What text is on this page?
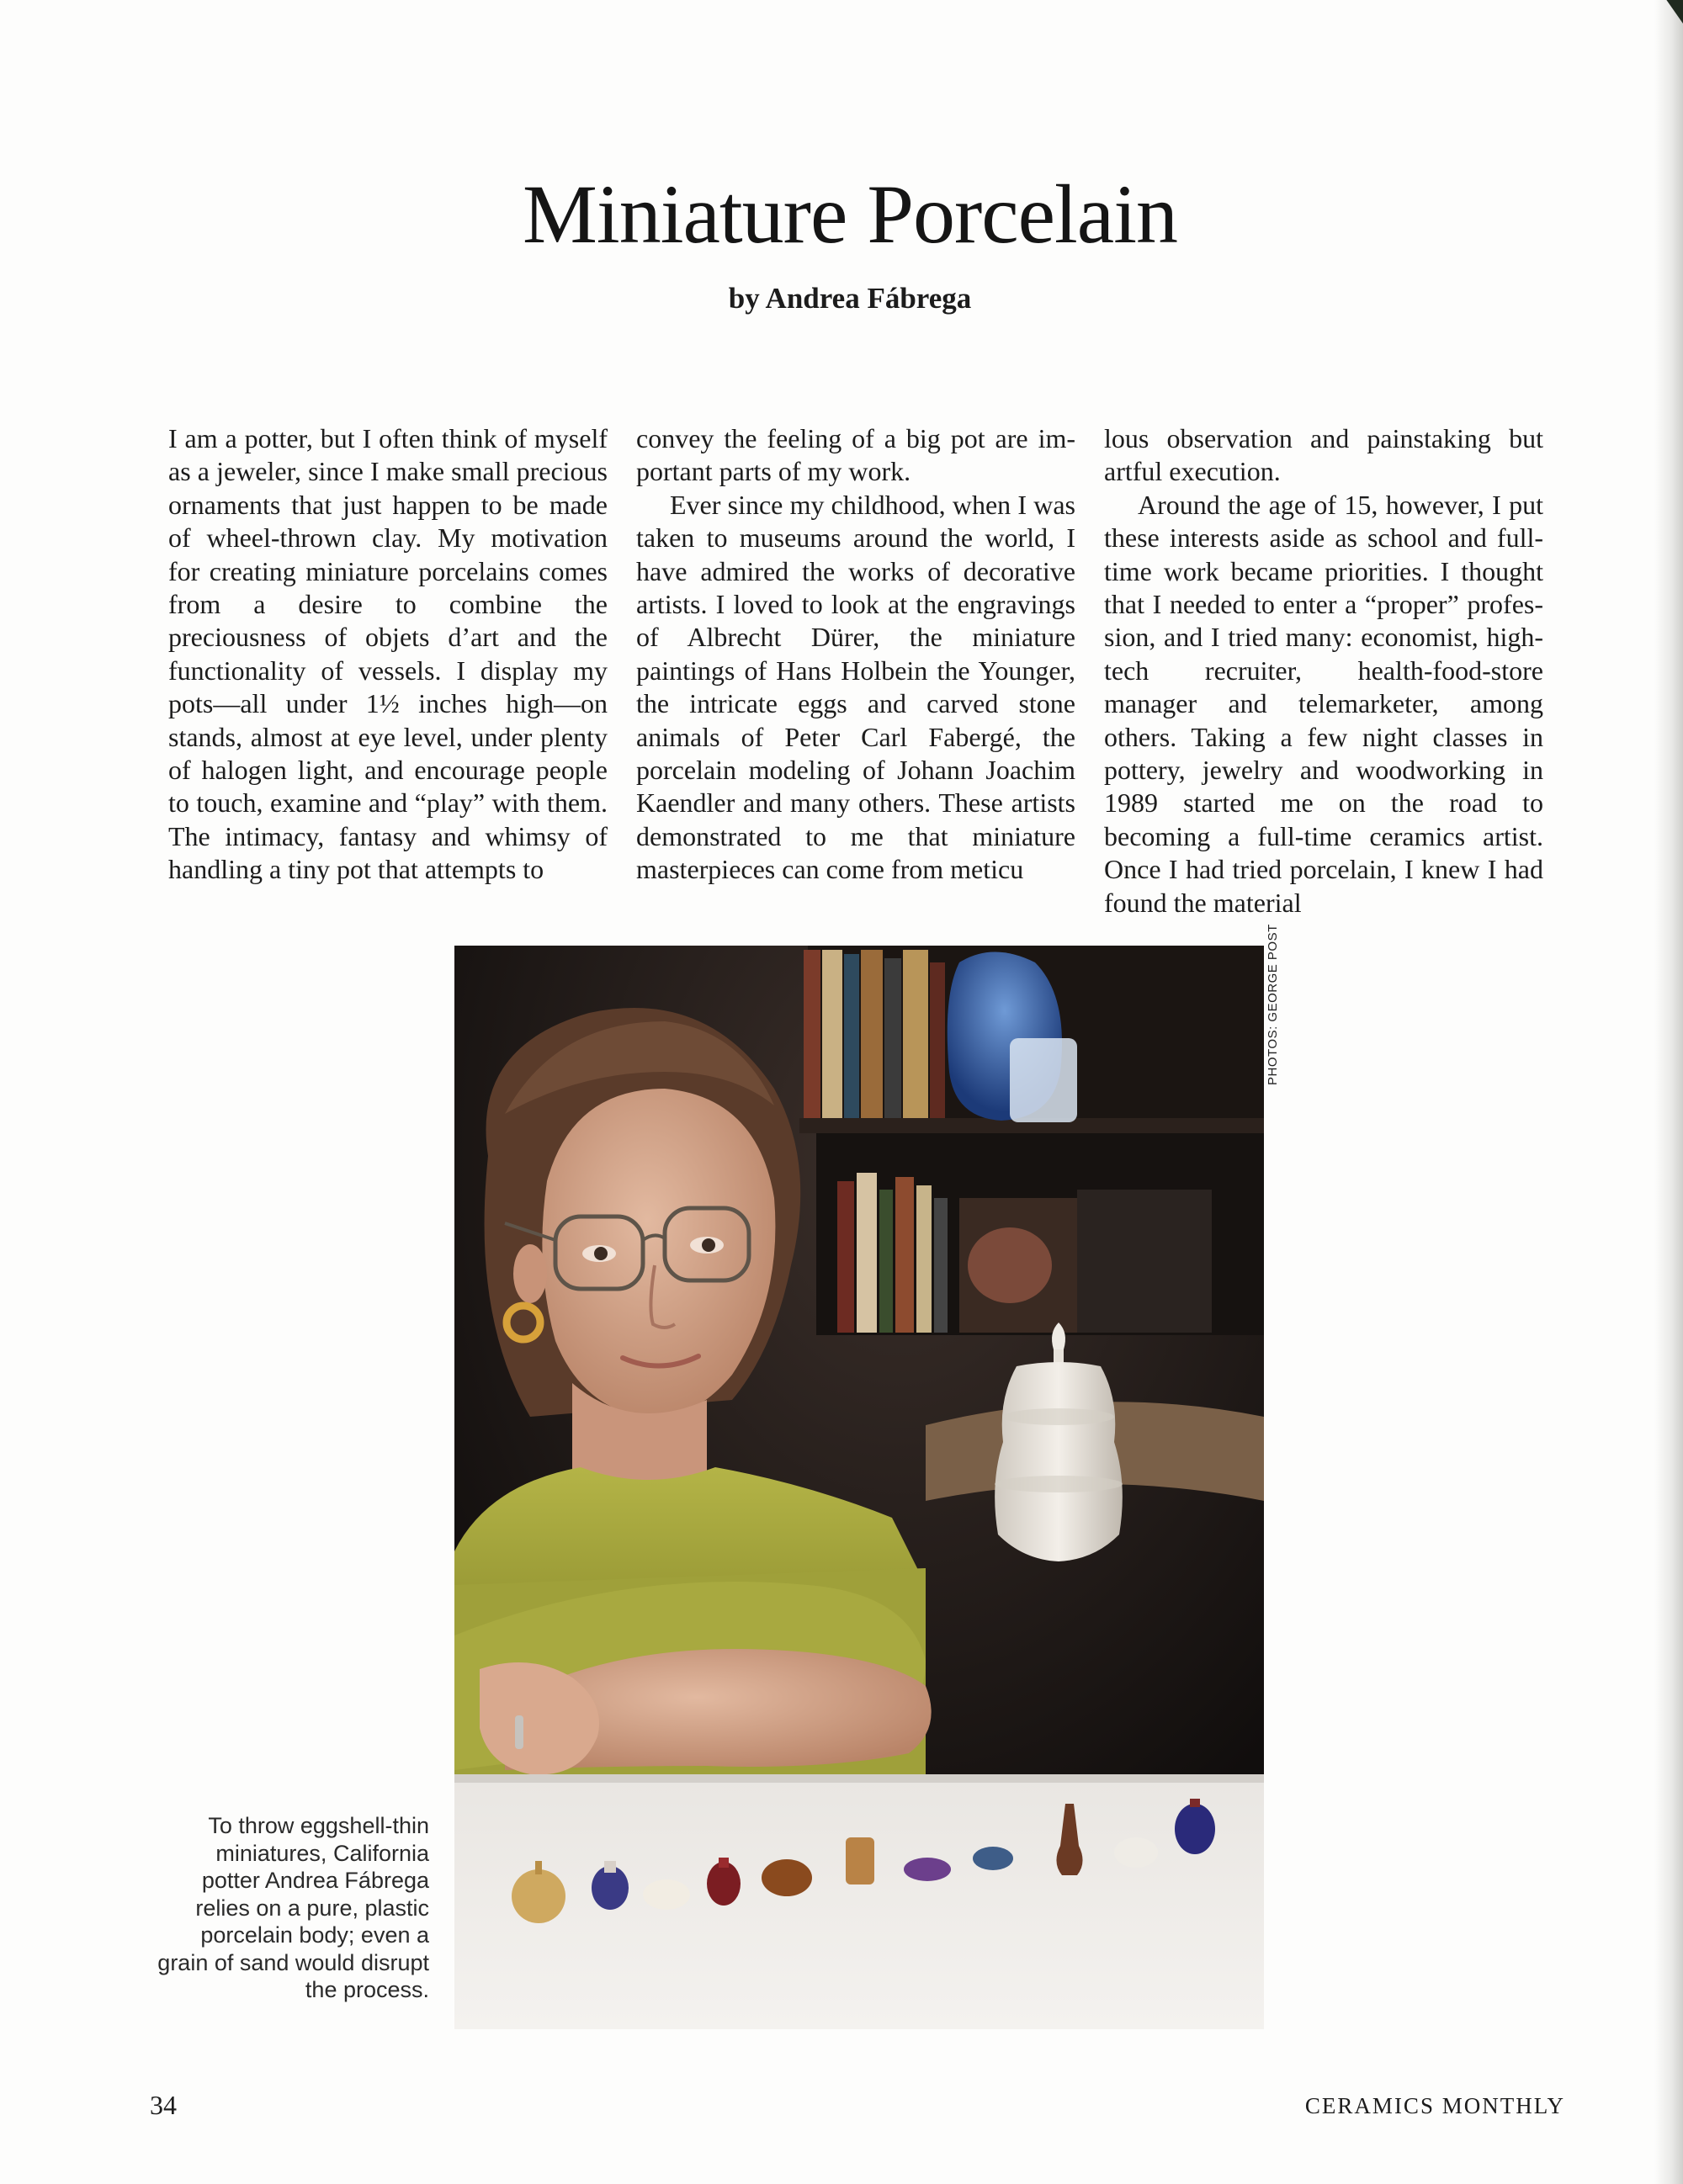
Miniature Porcelain
by Andrea Fábrega

I am a potter, but I often think of myself as a jeweler, since I make small precious ornaments that just happen to be made of wheel-thrown clay. My motivation for creating miniature porcelains comes from a desire to combine the preciousness of objets d’art and the functionality of vessels. I display my pots—all under 1½ inches high—on stands, almost at eye level, under plenty of halogen light, and encourage people to touch, examine and “play” with them. The intimacy, fantasy and whimsy of handling a tiny pot that attempts to

convey the feeling of a big pot are important parts of my work.

Ever since my childhood, when I was taken to museums around the world, I have admired the works of decorative artists. I loved to look at the engravings of Albrecht Dürer, the miniature paintings of Hans Holbein the Younger, the intricate eggs and carved stone animals of Peter Carl Fabergé, the porcelain modeling of Johann Joachim Kaendler and many others. These artists demonstrated to me that miniature masterpieces can come from meticu

lous observation and painstaking but artful execution.

Around the age of 15, however, I put these interests aside as school and full-time work became priorities. I thought that I needed to enter a “proper” profession, and I tried many: economist, high-tech recruiter, health-food-store manager and telemarketer, among others. Taking a few night classes in pottery, jewelry and woodworking in 1989 started me on the road to becoming a full-time ceramics artist. Once I had tried porcelain, I knew I had found the material

PHOTOS: GEORGE POST

To throw eggshell-thin miniatures, California potter Andrea Fábrega relies on a pure, plastic porcelain body; even a grain of sand would disrupt the process.

34	CERAMICS MONTHLY
